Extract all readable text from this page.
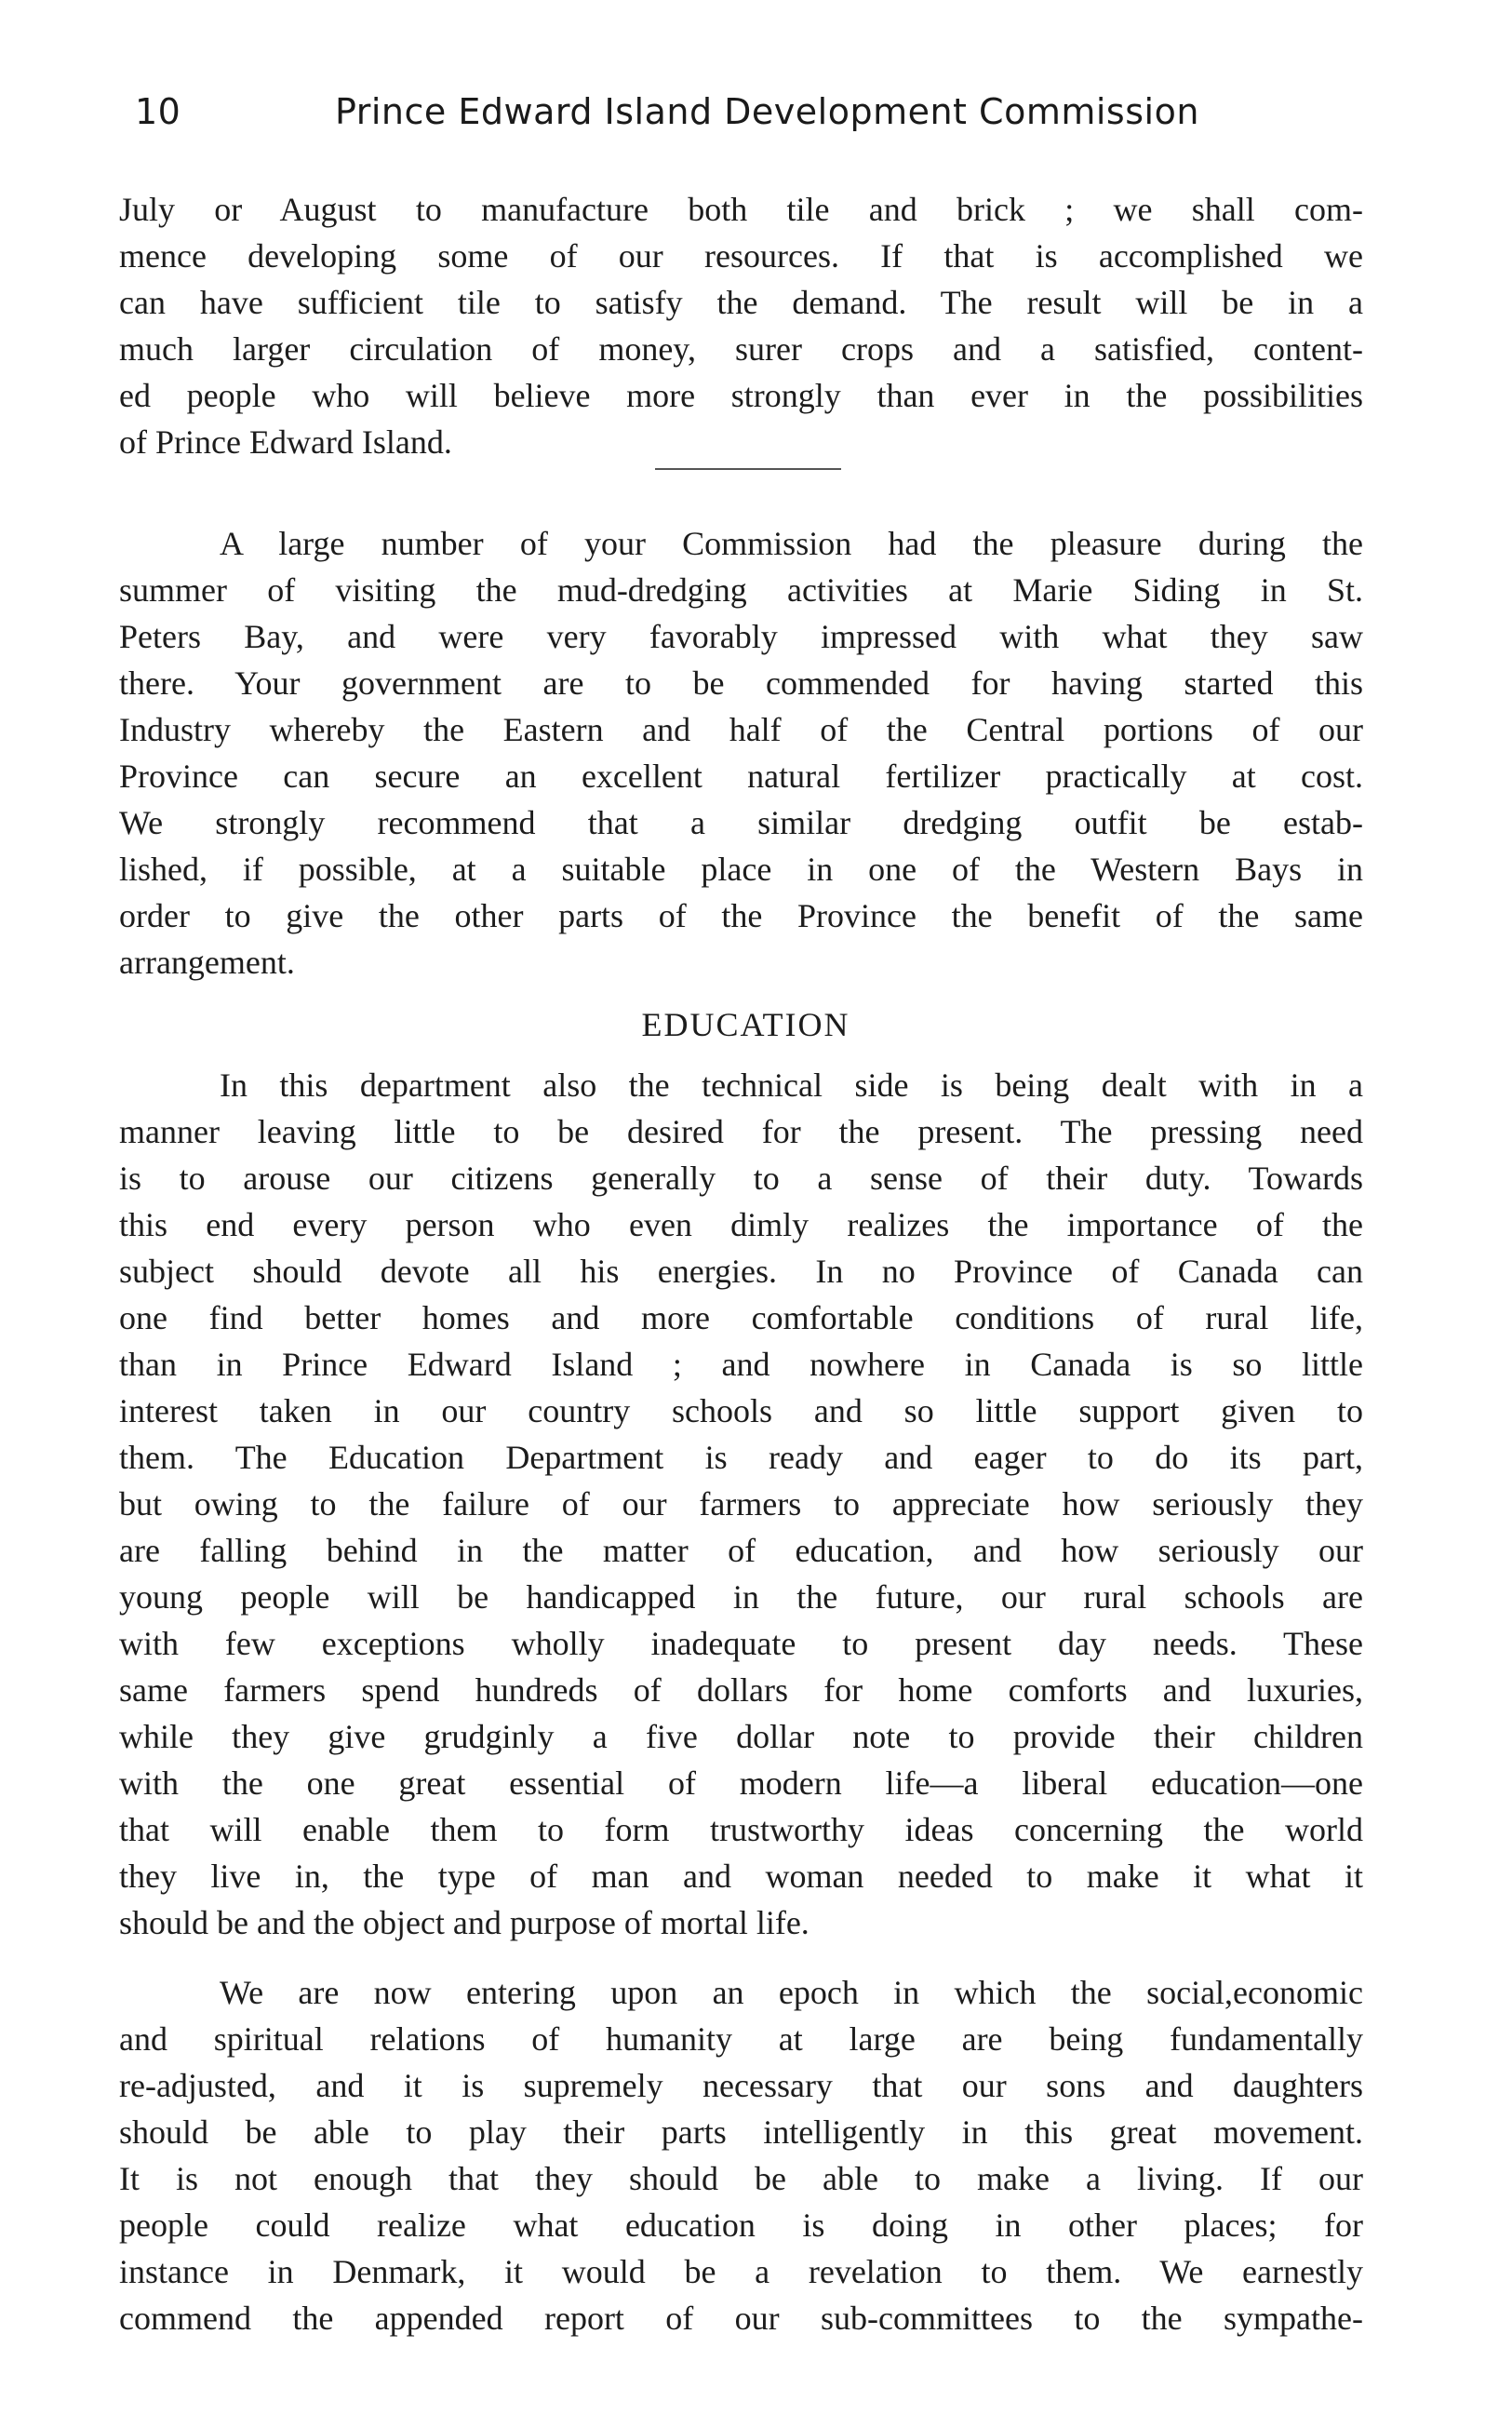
10	Prince Edward Island Development Commission
July or August to manufacture both tile and brick ; we shall com-
mence developing some of our resources. If that is accomplished we
can have sufficient tile to satisfy the demand. The result will be in a
much larger circulation of money, surer crops and a satisfied, content-
ed people who will believe more strongly than ever in the possibilities
of Prince Edward Island.
A large number of your Commission had the pleasure during the
summer of visiting the mud-dredging activities at Marie Siding in St.
Peters Bay, and were very favorably impressed with what they saw
there. Your government are to be commended for having started this
Industry whereby the Eastern and half of the Central portions of our
Province can secure an excellent natural fertilizer practically at cost.
We strongly recommend that a similar dredging outfit be estab-
lished, if possible, at a suitable place in one of the Western Bays in
order to give the other parts of the Province the benefit of the same
arrangement.
EDUCATION
In this department also the technical side is being dealt with in a
manner leaving little to be desired for the present. The pressing need
is to arouse our citizens generally to a sense of their duty. Towards
this end every person who even dimly realizes the importance of the
subject should devote all his energies. In no Province of Canada can
one find better homes and more comfortable conditions of rural life,
than in Prince Edward Island ; and nowhere in Canada is so little
interest taken in our country schools and so little support given to
them. The Education Department is ready and eager to do its part,
but owing to the failure of our farmers to appreciate how seriously they
are falling behind in the matter of education, and how seriously our
young people will be handicapped in the future, our rural schools are
with few exceptions wholly inadequate to present day needs. These
same farmers spend hundreds of dollars for home comforts and luxuries,
while they give grudginly a five dollar note to provide their children
with the one great essential of modern life—a liberal education—one
that will enable them to form trustworthy ideas concerning the world
they live in, the type of man and woman needed to make it what it
should be and the object and purpose of mortal life.
We are now entering upon an epoch in which the social,economic
and spiritual relations of humanity at large are being fundamentally
re-adjusted, and it is supremely necessary that our sons and daughters
should be able to play their parts intelligently in this great movement.
It is not enough that they should be able to make a living. If our
people could realize what education is doing in other places; for
instance in Denmark, it would be a revelation to them. We earnestly
commend the appended report of our sub-committees to the sympathe-
